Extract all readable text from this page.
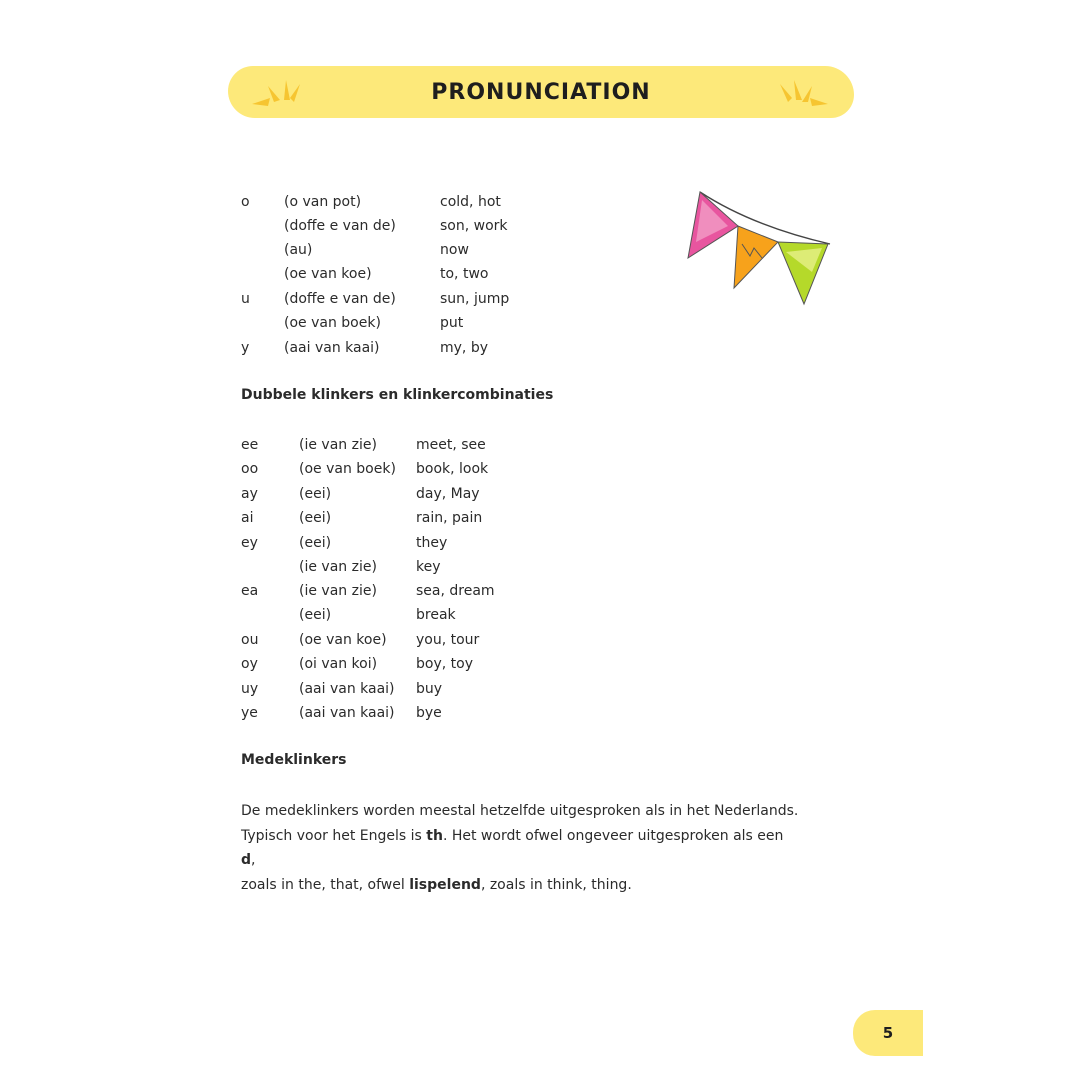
PRONUNCIATION
o (o van pot)	cold, hot
(doffe e van de)	son, work
(au)	now
(oe van koe)	to, two
u (doffe e van de)	sun, jump
(oe van boek)	put
y (aai van kaai)	my, by
Dubbele klinkers en klinkercombinaties
ee	(ie van zie)	meet, see
oo	(oe van boek) book, look
ay	(eei)	day, May
ai	(eei)	rain, pain
ey	(eei)	they
(ie van zie)	key
ea	(ie van zie)	sea, dream
(eei)	break
ou	(oe van koe) you, tour
oy	(oi van koi)	boy, toy
uy	(aai van kaai) buy
ye	(aai van kaai) bye
Medeklinkers
De medeklinkers worden meestal hetzelfde uitgesproken als in het Nederlands.
Typisch voor het Engels is th. Het wordt ofwel ongeveer uitgesproken als een d,
zoals in the, that, ofwel lispelend, zoals in think, thing.
5
